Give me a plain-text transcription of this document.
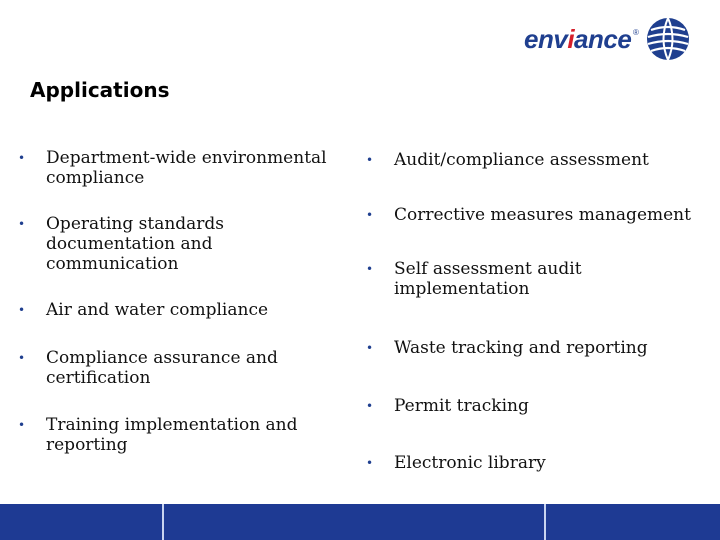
enviance ®
Applications
•	Department-wide environmental compliance
•	Operating standards documentation and communication
•	Air and water compliance
•	Compliance assurance and certification
•	Training implementation and reporting
•	Audit/compliance assessment
•	Corrective measures management
•	Self assessment audit implementation
•	Waste tracking and reporting
•	Permit tracking
•	Electronic library
